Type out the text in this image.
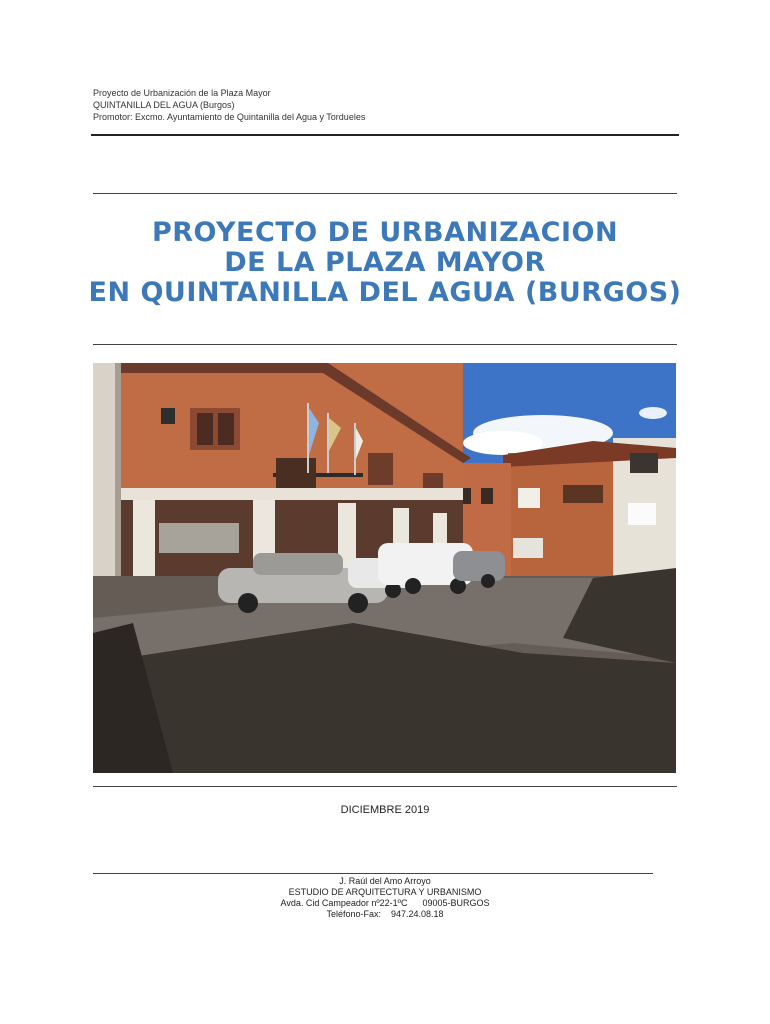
Proyecto de Urbanización de la Plaza Mayor
QUINTANILLA DEL AGUA (Burgos)
Promotor: Excmo. Ayuntamiento de Quintanilla del Agua y Tordueles
PROYECTO DE URBANIZACION
DE LA PLAZA MAYOR
EN QUINTANILLA DEL AGUA (BURGOS)
DICIEMBRE 2019
J. Raúl del Amo Arroyo
ESTUDIO DE ARQUITECTURA Y URBANISMO
Avda. Cid Campeador nº22-1ºC      09005-BURGOS
Teléfono-Fax:    947.24.08.18
